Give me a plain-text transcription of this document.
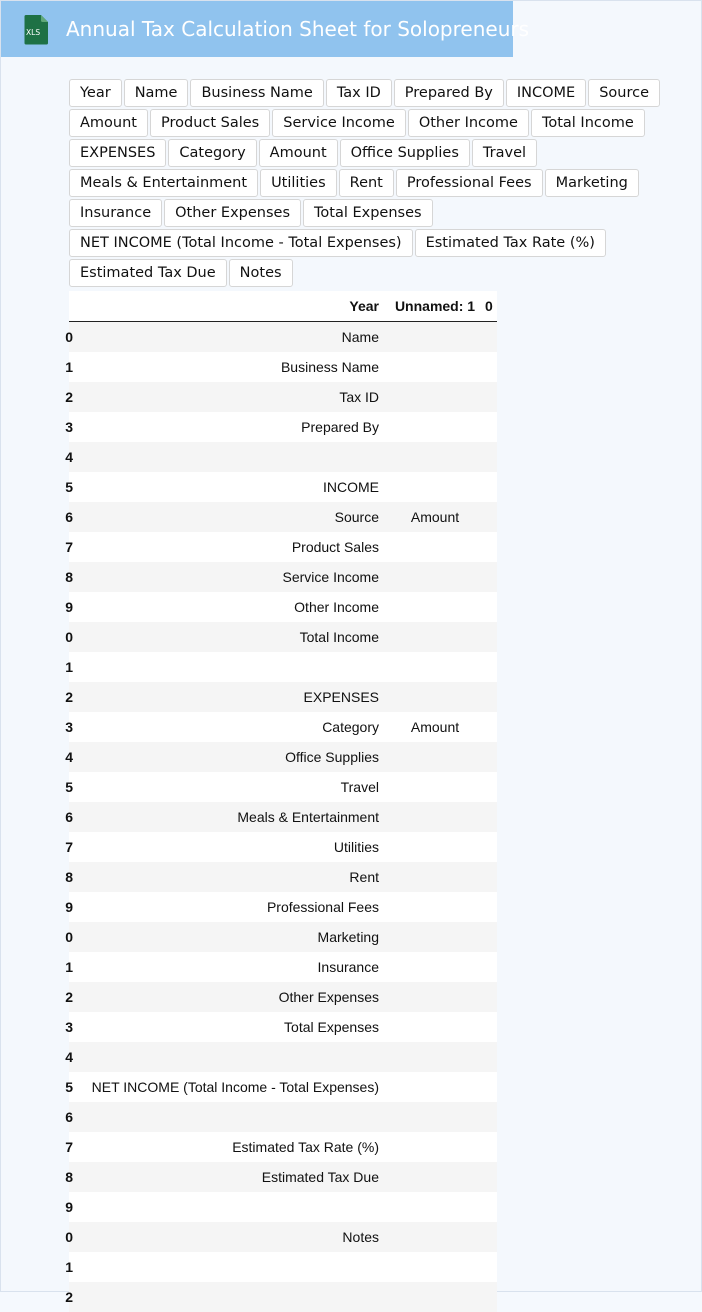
XLS Annual Tax Calculation Sheet for Solopreneurs
Year	Name	Business Name	Tax ID	Prepared By	INCOME	Source
Amount	Product Sales	Service Income	Other Income	Total Income
EXPENSES	Category	Amount	Office Supplies	Travel
Meals & Entertainment	Utilities	Rent	Professional Fees	Marketing
Insurance	Other Expenses	Total Expenses
NET INCOME (Total Income - Total Expenses)	Estimated Tax Rate (%)
Estimated Tax Due	Notes
	Year	Unnamed: 1	0

0	Name		

1	Business Name		

2	Tax ID		

3	Prepared By		

4			

5	INCOME		

6	Source	Amount	

7	Product Sales		

8	Service Income		

9	Other Income		

0	Total Income		

1			

2	EXPENSES		

3	Category	Amount	

4	Office Supplies		

5	Travel		

6	Meals & Entertainment		

7	Utilities		

8	Rent		

9	Professional Fees		

0	Marketing		

1	Insurance		

2	Other Expenses		

3	Total Expenses		

4			

5	NET INCOME (Total Income - Total Expenses)		

6			

7	Estimated Tax Rate (%)		

8	Estimated Tax Due		

9			

0	Notes		

1			

2			
